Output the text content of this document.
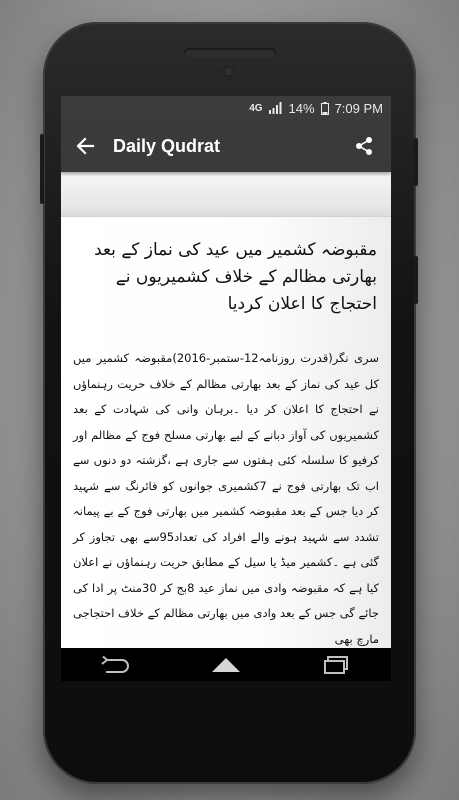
4G 14% 7:09 PM
Daily Qudrat
مقبوضہ کشمیر میں عید کی نماز کے بعد بھارتی مظالم کے خلاف کشمیریوں نے احتجاج کا اعلان کردیا
سری نگر(قدرت روزنامہ12-ستمبر-2016)مقبوضہ کشمیر میں کل عید کی نماز کے بعد بھارتی مظالم کے خلاف حریت رہنماؤں نے احتجاج کا اعلان کر دیا ۔برہان وانی کی شہادت کے بعد کشمیریوں کی آواز دبانے کے لیے بھارتی مسلح فوج کے مظالم اور کرفیو کا سلسلہ کئی ہفتوں سے جاری ہے ،گزشتہ دو دنوں سے اب تک بھارتی فوج نے 7کشمیری جوانوں کو فائرنگ سے شہید کر دیا جس کے بعد مقبوضہ کشمیر میں بھارتی فوج کے بے پیمانہ تشدد سے شہید ہونے والے افراد کی تعداد95سے بھی تجاوز کر گئی ہے ۔کشمیر میڈ یا سیل کے مطابق حریت رہنماؤں نے اعلان کیا ہے کہ مقبوضہ وادی میں نماز عید 8بج کر 30منٹ پر ادا کی جائے گی جس کے بعد وادی میں بھارتی مظالم کے خلاف احتجاجی مارچ بھی
